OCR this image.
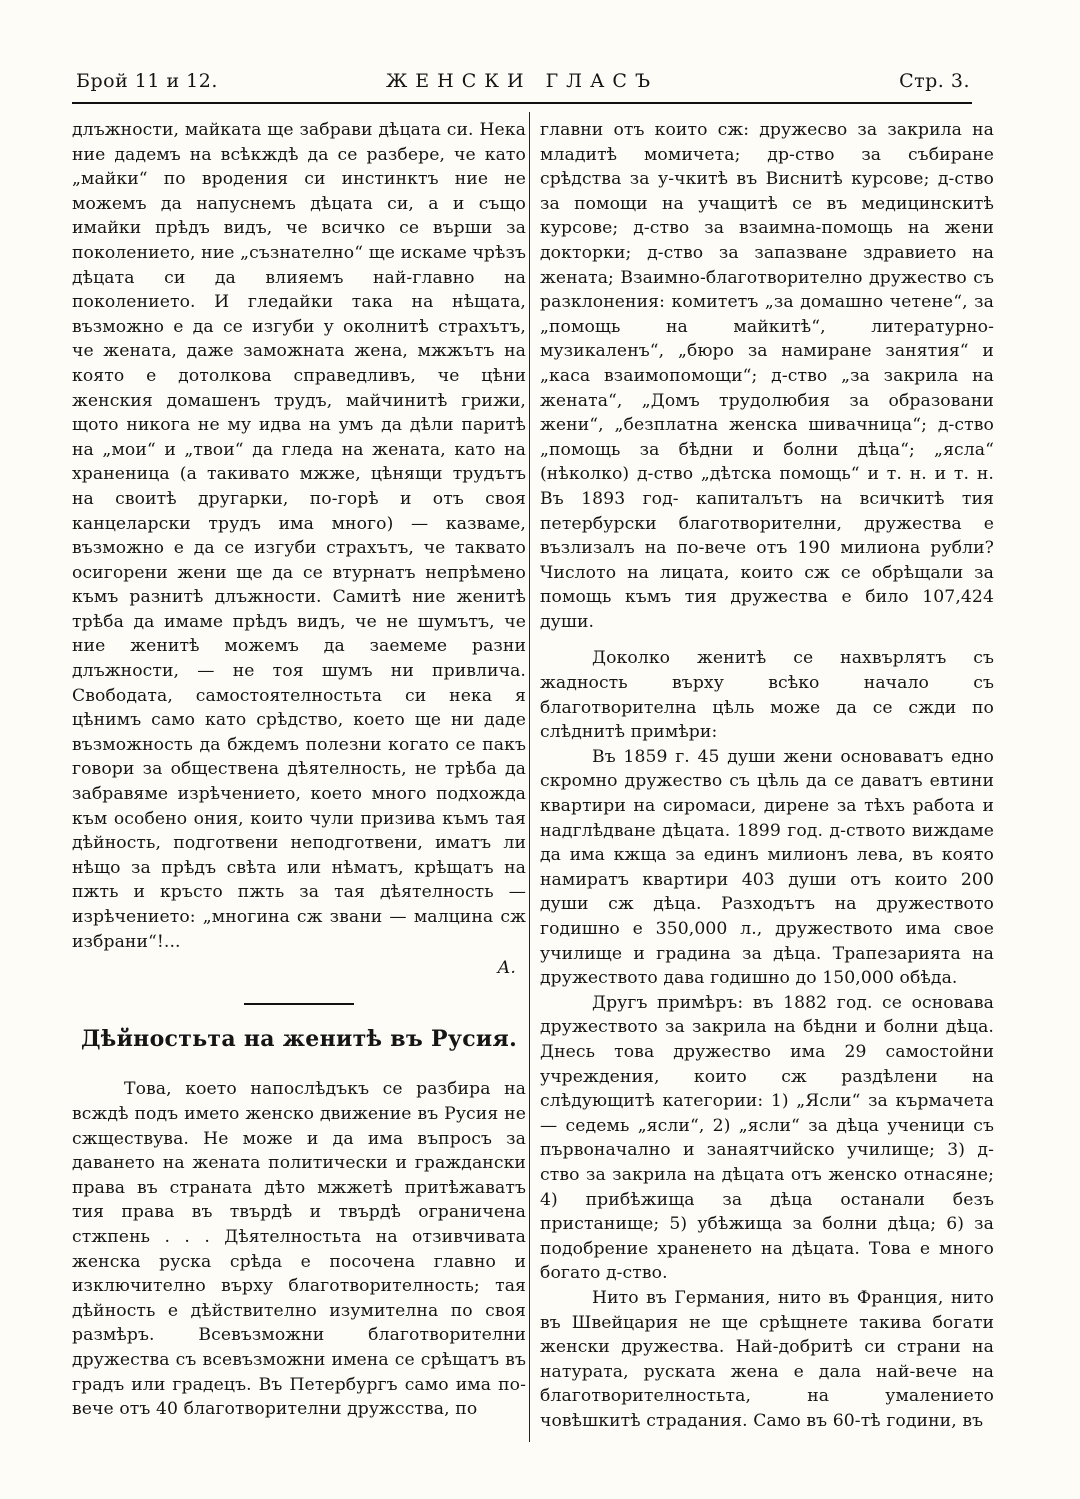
Брой 11 и 12.	ЖЕНСКИ ГЛАСЪ	Стр. 3.

длъжности, майката ще забрави дѣцата си. Нека ние дадемъ на всѣкждѣ да се разбере, че като „майки“ по вродения си инстинктъ ние не можемъ да напуснемъ дѣцата си, а и също имайки прѣдъ видъ, че всичко се върши за поколението, ние „съзнателно“ ще искаме чрѣзъ дѣцата си да влияемъ най-главно на поколението. И гледайки така на нѣщата, възможно е да се изгуби у околнитѣ страхътъ, че жената, даже заможната жена, мжжътъ на която е дотолкова справедливъ, че цѣни женския домашенъ трудъ, майчинитѣ грижи, щото никога не му идва на умъ да дѣли паритѣ на „мои“ и „твои“ да гледа на жената, като на храненица (а такивато мжже, цѣнящи трудътъ на своитѣ другарки, по-горѣ и отъ своя канцеларски трудъ има много) — казваме, възможно е да се изгуби страхътъ, че таквато осигорени жени ще да се втурнатъ непрѣмено къмъ разнитѣ длъжности. Самитѣ ние женитѣ трѣба да имаме прѣдъ видъ, че не шумътъ, че ние женитѣ можемъ да заемеме разни длъжности, — не тоя шумъ ни привлича. Свободата, самостоятелностьта си нека я цѣнимъ само като срѣдство, което ще ни даде възможность да бждемъ полезни когато се пакъ говори за обществена дѣятелность, не трѣба да забравяме изрѣчението, което много подхожда към особено ония, които чули призива къмъ тая дѣйность, подготвени неподготвени, иматъ ли нѣщо за прѣдъ свѣта или нѣматъ, крѣщатъ на пжть и кръсто пжть за тая дѣятелность — изрѣчението: „многина сж звани — малцина сж избрани“!...

А.

Дѣйностьта на женитѣ въ Русия.

Това, което напослѣдъкъ се разбира на всждѣ подъ името женско движение въ Русия не сжществува. Не може и да има въпросъ за даването на жената политически и граждански права въ страната дѣто мжжетѣ притѣжаватъ тия права въ твърдѣ и твърдѣ ограничена стжпень . . . Дѣятелностьта на отзивчивата женска руска срѣда е посочена главно и изключително върху благотворителность; тая дѣйность е дѣйствително изумителна по своя размѣръ. Всевъзможни благотворителни дружества съ всевъзможни имена се срѣщатъ въ градъ или градецъ. Въ Петербургъ само има по-вече отъ 40 благотворителни дружсства, по

главни отъ които сж: дружесво за закрила на младитѣ момичета; др-ство за събиране срѣдства за у-чкитѣ въ Виснитѣ курсове; д-ство за помощи на учащитѣ се въ медицинскитѣ курсове; д-ство за взаимна-помощь на жени докторки; д-ство за запазване здравието на жената; Взаимно-благотворително дружество съ разклонения: комитетъ „за домашно четене“, за „помощь на майкитѣ“, литературно-музикаленъ“, „бюро за намиране занятия“ и „каса взаимопомощи“; д-ство „за закрила на жената“, „Домъ трудолюбия за образовани жени“, „безплатна женска шивачница“; д-ство „помощь за бѣдни и болни дѣца“; „ясла“ (нѣколко) д-ство „дѣтска помощь“ и т. н. и т. н. Въ 1893 год- капиталътъ на всичкитѣ тия петербурски благотворителни, дружества е възлизалъ на по-вече отъ 190 милиона рубли? Числото на лицата, които сж се обрѣщали за помощь къмъ тия дружества е било 107,424 души.

Доколко женитѣ се нахвърлятъ съ жадность върху всѣко начало съ благотворителна цѣль може да се сжди по слѣднитѣ примѣри:

Въ 1859 г. 45 души жени основаватъ едно скромно дружество съ цѣль да се даватъ евтини квартири на сиромаси, дирене за тѣхъ работа и надглѣдване дѣцата. 1899 год. д-ството виждаме да има кжща за единъ милионъ лева, въ която намиратъ квартири 403 души отъ които 200 души сж дѣца. Разходътъ на дружеството годишно е 350,000 л., дружеството има свое училище и градина за дѣца. Трапезарията на дружеството дава годишно до 150,000 обѣда.

Другъ примѣръ: въ 1882 год. се основава дружеството за закрила на бѣдни и болни дѣца. Днесь това дружество има 29 самостойни учреждения, които сж раздѣлени на слѣдующитѣ категории: 1) „Ясли“ за кърмачета — седемь „ясли“, 2) „ясли“ за дѣца ученици съ първоначално и занаятчийско училище; 3) д-ство за закрила на дѣцата отъ женско отнасяне; 4) прибѣжища за дѣца останали безъ пристанище; 5) убѣжища за болни дѣца; 6) за подобрение храненето на дѣцата. Това е много богато д-ство.

Нито въ Германия, нито въ Франция, нито въ Швейцария не ще срѣщнете такива богати женски дружества. Най-добритѣ си страни на натурата, руската жена е дала най-вече на благотворителностьта, на умалението човѣшкитѣ страдания. Само въ 60-тѣ години, въ
